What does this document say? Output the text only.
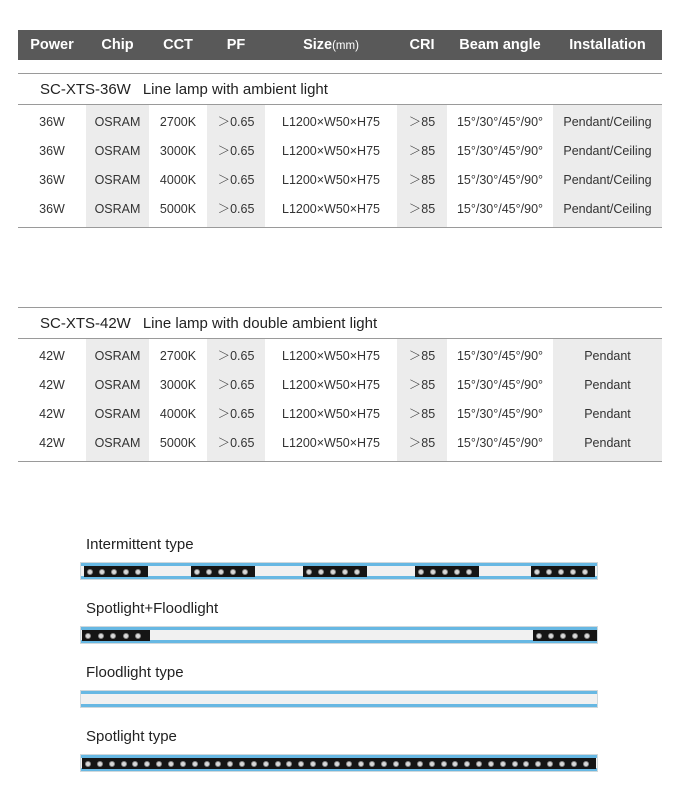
Power	Chip	CCT	PF	Size(mm)	CRI	Beam angle	Installation
SC-XTS-36W Line lamp with ambient light
36W	OSRAM	2700K	＞0.65	L1200×W50×H75	＞85	15°/30°/45°/90°	Pendant/Ceiling
36W	OSRAM	3000K	＞0.65	L1200×W50×H75	＞85	15°/30°/45°/90°	Pendant/Ceiling
36W	OSRAM	4000K	＞0.65	L1200×W50×H75	＞85	15°/30°/45°/90°	Pendant/Ceiling
36W	OSRAM	5000K	＞0.65	L1200×W50×H75	＞85	15°/30°/45°/90°	Pendant/Ceiling
SC-XTS-42W Line lamp with double ambient light
42W	OSRAM	2700K	＞0.65	L1200×W50×H75	＞85	15°/30°/45°/90°	Pendant
42W	OSRAM	3000K	＞0.65	L1200×W50×H75	＞85	15°/30°/45°/90°	Pendant
42W	OSRAM	4000K	＞0.65	L1200×W50×H75	＞85	15°/30°/45°/90°	Pendant
42W	OSRAM	5000K	＞0.65	L1200×W50×H75	＞85	15°/30°/45°/90°	Pendant
Intermittent type
Spotlight+Floodlight
Floodlight type
Spotlight type
